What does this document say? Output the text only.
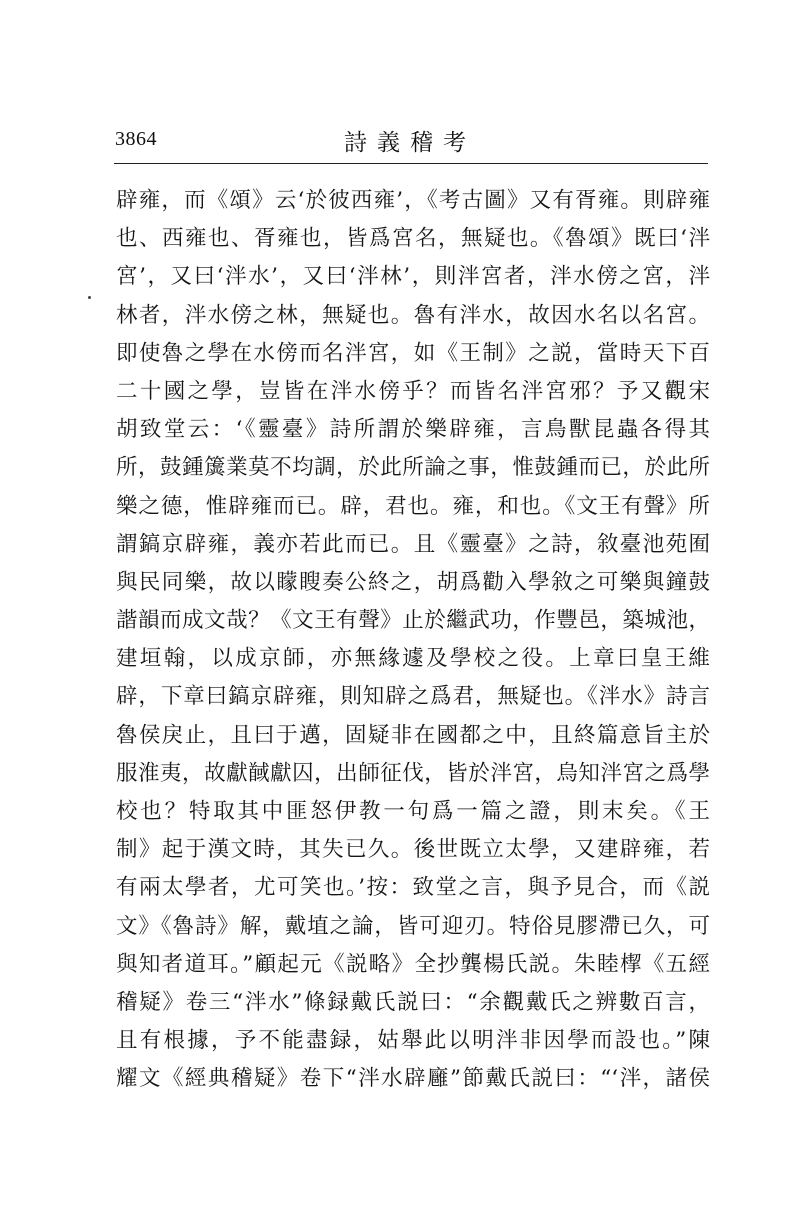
3864	詩義稽考
辟雍，而《頌》云‘於彼西雍’，《考古圖》又有胥雍。則辟雍
也、西雍也、胥雍也，皆爲宮名，無疑也。《魯頌》既曰‘泮
宮’，又曰‘泮水’，又曰‘泮林’，則泮宮者，泮水傍之宮，泮
林者，泮水傍之林，無疑也。魯有泮水，故因水名以名宮。
即使魯之學在水傍而名泮宮，如《王制》之説，當時天下百
二十國之學，豈皆在泮水傍乎？而皆名泮宮邪？予又觀宋
胡致堂云：‘《靈臺》詩所謂於樂辟雍，言鳥獸昆蟲各得其
所，鼓鍾簴業莫不均調，於此所論之事，惟鼓鍾而已，於此所
樂之德，惟辟雍而已。辟，君也。雍，和也。《文王有聲》所
謂鎬京辟雍，義亦若此而已。且《靈臺》之詩，敘臺池苑囿
與民同樂，故以矇瞍奏公終之，胡爲勸入學敘之可樂與鐘鼓
諧韻而成文哉？《文王有聲》止於繼武功，作豐邑，築城池，
建垣翰，以成京師，亦無緣遽及學校之役。上章曰皇王維
辟，下章曰鎬京辟雍，則知辟之爲君，無疑也。《泮水》詩言
魯侯戾止，且曰于邁，固疑非在國都之中，且終篇意旨主於
服淮夷，故獻馘獻囚，出師征伐，皆於泮宮，烏知泮宮之爲學
校也？特取其中匪怒伊教一句爲一篇之證，則末矣。《王
制》起于漢文時，其失已久。後世既立太學，又建辟雍，若
有兩太學者，尤可笑也。’按：致堂之言，與予見合，而《説
文》《魯詩》解，戴埴之論，皆可迎刃。特俗見膠滯已久，可
與知者道耳。”顧起元《説略》全抄龔楊氏説。朱睦㮮《五經
稽疑》卷三“泮水”條録戴氏説曰：“余觀戴氏之辨數百言，
且有根據，予不能盡録，姑舉此以明泮非因學而設也。”陳
耀文《經典稽疑》卷下“泮水辟廱”節戴氏説曰：“‘泮，諸侯
